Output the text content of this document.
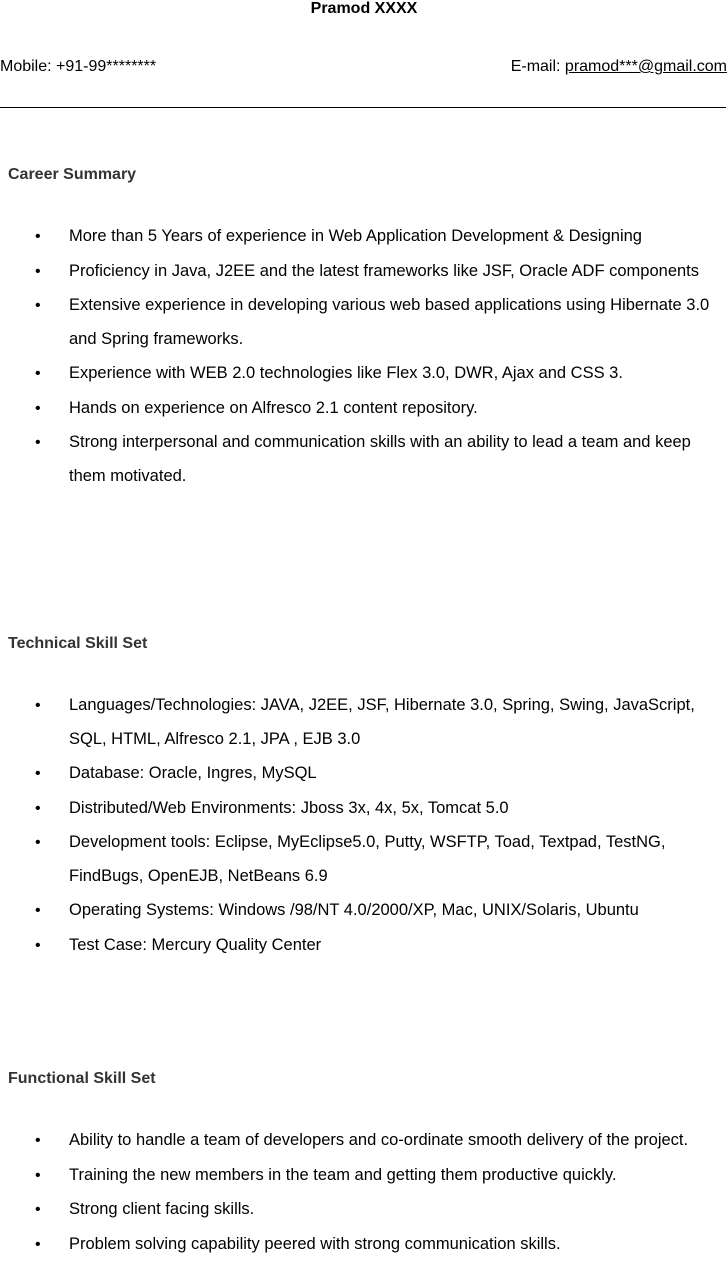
Pramod XXXX
Mobile: +91-99********	E-mail: pramod***@gmail.com
Career Summary
• More than 5 Years of experience in Web Application Development & Designing
• Proficiency in Java, J2EE and the latest frameworks like JSF, Oracle ADF components
• Extensive experience in developing various web based applications using Hibernate 3.0 and Spring frameworks.
• Experience with WEB 2.0 technologies like Flex 3.0, DWR, Ajax and CSS 3.
• Hands on experience on Alfresco 2.1 content repository.
• Strong interpersonal and communication skills with an ability to lead a team and keep them motivated.
Technical Skill Set
• Languages/Technologies: JAVA, J2EE, JSF, Hibernate 3.0, Spring, Swing, JavaScript, SQL, HTML, Alfresco 2.1, JPA , EJB 3.0
• Database: Oracle, Ingres, MySQL
• Distributed/Web Environments: Jboss 3x, 4x, 5x, Tomcat 5.0
• Development tools: Eclipse, MyEclipse5.0, Putty, WSFTP, Toad, Textpad, TestNG, FindBugs, OpenEJB, NetBeans 6.9
• Operating Systems: Windows /98/NT 4.0/2000/XP, Mac, UNIX/Solaris, Ubuntu
• Test Case: Mercury Quality Center
Functional Skill Set
• Ability to handle a team of developers and co-ordinate smooth delivery of the project.
• Training the new members in the team and getting them productive quickly.
• Strong client facing skills.
• Problem solving capability peered with strong communication skills.
